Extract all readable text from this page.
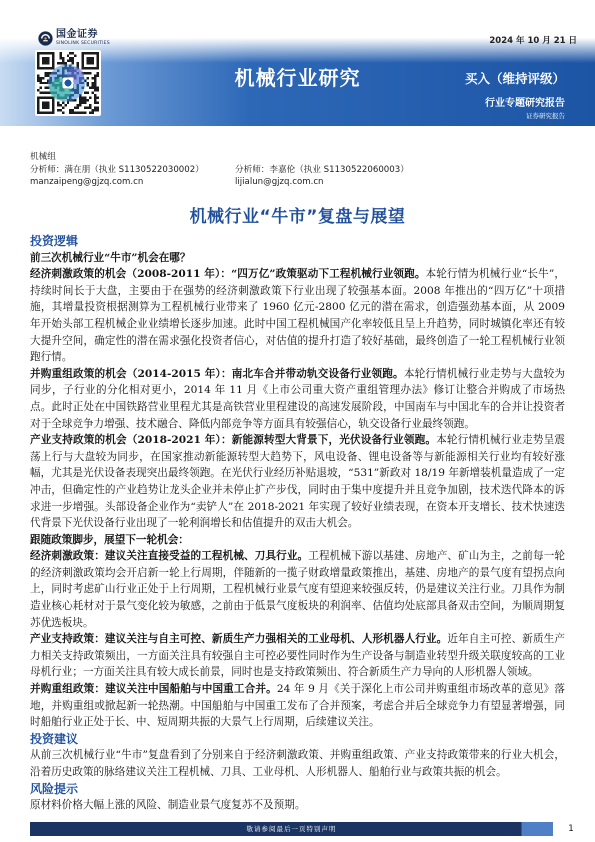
国金证券
SINOLINK SECURITIES	2024 年 10 月 21 日
机械行业研究	买入（维持评级）
行业专题研究报告
证券研究报告
机械组
分析师：满在朋（执业 S1130522030002）	分析师：李嘉伦（执业 S1130522060003）
manzaipeng@gjzq.com.cn	lijialun@gjzq.com.cn
机械行业“牛市”复盘与展望
投资逻辑
前三次机械行业“牛市”机会在哪？

经济刺激政策的机会（2008-2011 年）：“四万亿”政策驱动下工程机械行业领跑。本轮行情为机械行业“长牛”，持续时间长于大盘，主要由于在强势的经济刺激政策下行业出现了较强基本面。2008 年推出的“四万亿”十项措施，其增量投资根据测算为工程机械行业带来了 1960 亿元-2800 亿元的潜在需求，创造强劲基本面，从 2009 年开始头部工程机械企业业绩增长逐步加速。此时中国工程机械国产化率较低且呈上升趋势，同时城镇化率还有较大提升空间，确定性的潜在需求强化投资者信心，对估值的提升打造了较好基础，最终创造了一轮工程机械行业领跑行情。

并购重组政策的机会（2014-2015 年）：南北车合并带动轨交设备行业领跑。本轮行情机械行业走势与大盘较为同步，子行业的分化相对更小，2014 年 11 月《上市公司重大资产重组管理办法》修订让整合并购成了市场热点。此时正处在中国铁路营业里程尤其是高铁营业里程建设的高速发展阶段，中国南车与中国北车的合并让投资者对于全球竞争力增强、技术融合、降低内部竞争等方面具有较强信心，轨交设备行业最终领跑。

产业支持政策的机会（2018-2021 年）：新能源转型大背景下，光伏设备行业领跑。本轮行情机械行业走势呈震荡上行与大盘较为同步，在国家推动新能源转型大趋势下，风电设备、锂电设备等与新能源相关行业均有较好涨幅，尤其是光伏设备表现突出最终领跑。在光伏行业经历补贴退坡，“531”新政对 18/19 年新增装机量造成了一定冲击，但确定性的产业趋势让龙头企业并未停止扩产步伐，同时由于集中度提升并且竞争加剧，技术迭代降本的诉求进一步增强。头部设备企业作为“卖铲人”在 2018-2021 年实现了较好业绩表现，在资本开支增长、技术快速迭代背景下光伏设备行业出现了一轮利润增长和估值提升的双击大机会。

跟随政策脚步，展望下一轮机会：

经济刺激政策：建议关注直接受益的工程机械、刀具行业。工程机械下游以基建、房地产、矿山为主，之前每一轮的经济刺激政策均会开启新一轮上行周期，伴随新的一揽子财政增量政策推出，基建、房地产的景气度有望拐点向上，同时考虑矿山行业正处于上行周期，工程机械行业景气度有望迎来较强反转，仍是建议关注行业。刀具作为制造业核心耗材对于景气变化较为敏感，之前由于低景气度板块的利润率、估值均处底部具备双击空间，为顺周期复苏优选板块。

产业支持政策：建议关注与自主可控、新质生产力强相关的工业母机、人形机器人行业。近年自主可控、新质生产力相关支持政策频出，一方面关注具有较强自主可控必要性同时作为生产设备与制造业转型升级关联度较高的工业母机行业；一方面关注具有较大成长前景，同时也是支持政策频出、符合新质生产力导向的人形机器人领域。

并购重组政策：建议关注中国船舶与中国重工合并。24 年 9 月《关于深化上市公司并购重组市场改革的意见》落地，并购重组或掀起新一轮热潮。中国船舶与中国重工发布了合并预案，考虑合并后全球竞争力有望显著增强，同时船舶行业正处于长、中、短周期共振的大景气上行周期，后续建议关注。

投资建议

从前三次机械行业“牛市”复盘看到了分别来自于经济刺激政策、并购重组政策、产业支持政策带来的行业大机会，沿着历史政策的脉络建议关注工程机械、刀具、工业母机、人形机器人、船舶行业与政策共振的机会。

风险提示

原材料价格大幅上涨的风险、制造业景气度复苏不及预期。

敬请参阅最后一页特别声明	1
